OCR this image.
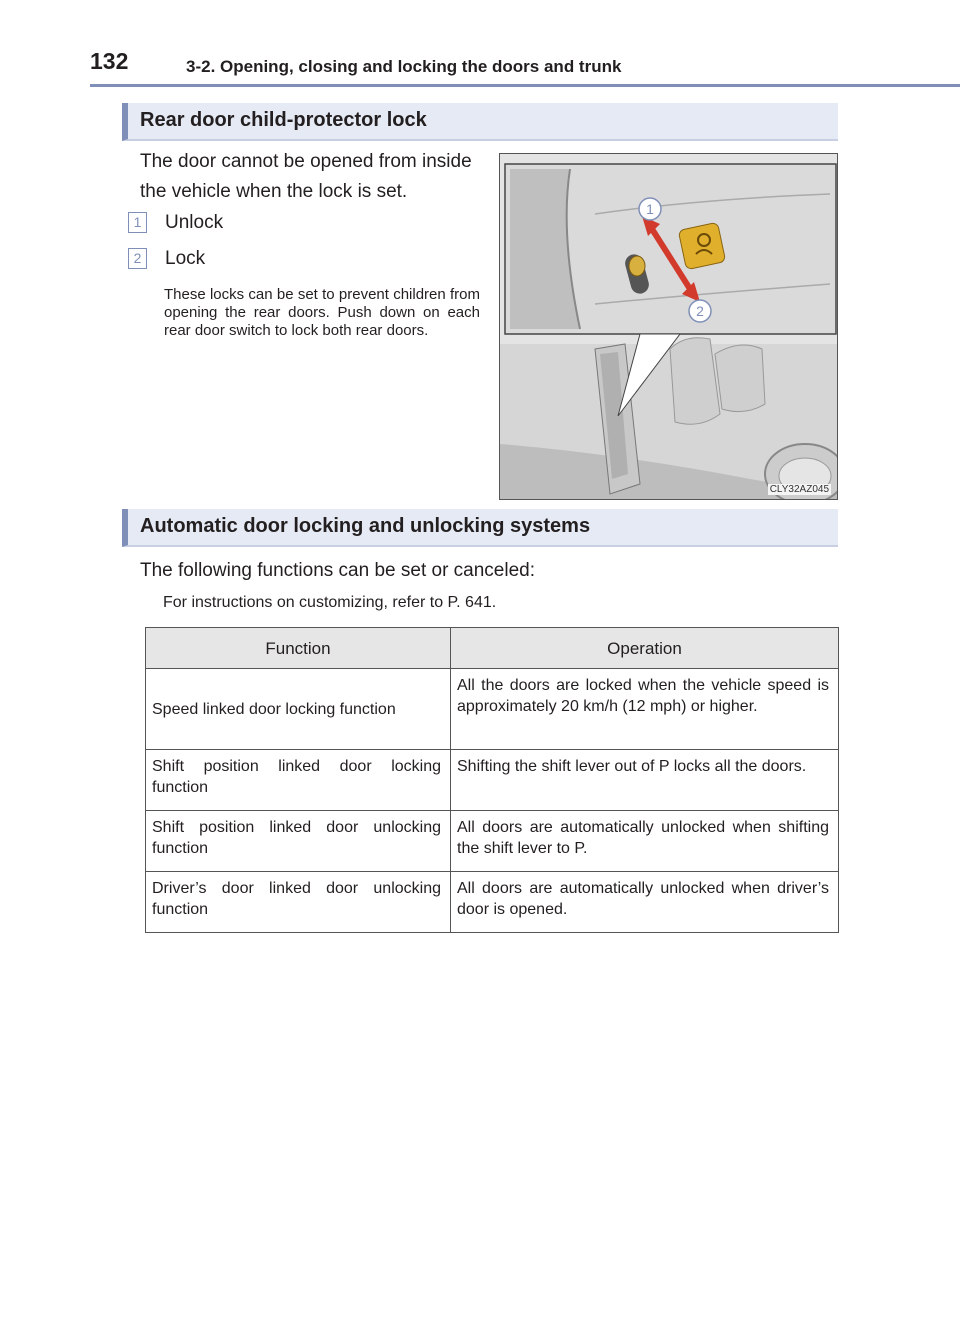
132	3-2. Opening, closing and locking the doors and trunk
Rear door child-protector lock
The door cannot be opened from inside
the vehicle when the lock is set.
1 Unlock
2 Lock
These locks can be set to prevent children from opening the rear doors. Push down on each rear door switch to lock both rear doors.
1
2
CLY32AZ045
Automatic door locking and unlocking systems
The following functions can be set or canceled:
For instructions on customizing, refer to P. 641.
Function	Operation
Speed linked door locking function	All the doors are locked when the vehicle speed is approximately 20 km/h (12 mph) or higher.
Shift position linked door locking function	Shifting the shift lever out of P locks all the doors.
Shift position linked door unlocking function	All doors are automatically unlocked when shifting the shift lever to P.
Driver’s door linked door unlocking function	All doors are automatically unlocked when driver’s door is opened.
